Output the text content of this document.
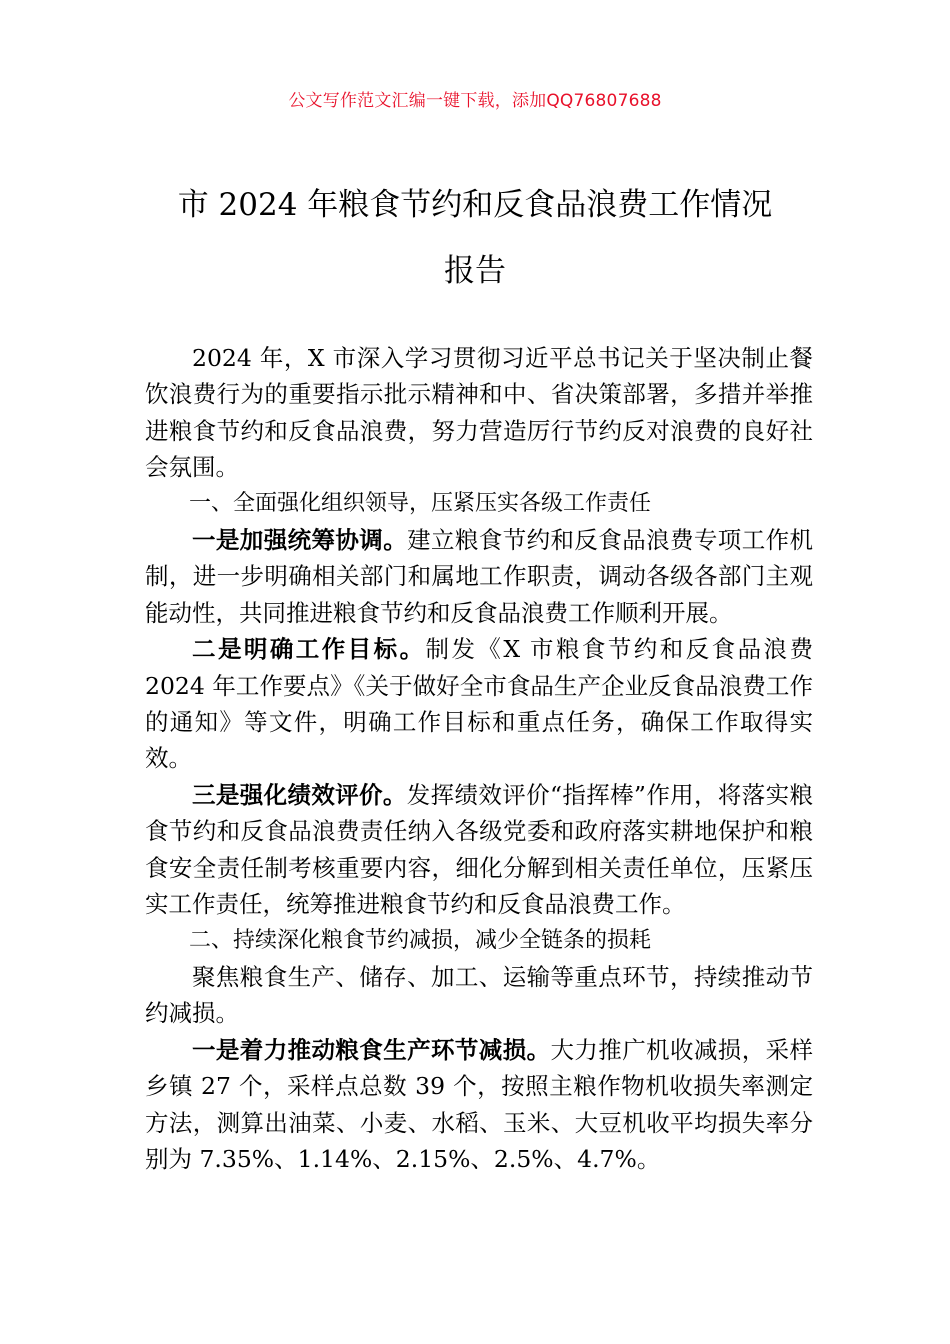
公文写作范文汇编一键下载，添加QQ76807688
市 2024 年粮食节约和反食品浪费工作情况
报告

2024 年，X 市深入学习贯彻习近平总书记关于坚决制止餐饮浪费行为的重要指示批示精神和中、省决策部署，多措并举推进粮食节约和反食品浪费，努力营造厉行节约反对浪费的良好社会氛围。

一、全面强化组织领导，压紧压实各级工作责任

一是加强统筹协调。建立粮食节约和反食品浪费专项工作机制，进一步明确相关部门和属地工作职责，调动各级各部门主观能动性，共同推进粮食节约和反食品浪费工作顺利开展。

二是明确工作目标。制发《X 市粮食节约和反食品浪费 2024 年工作要点》《关于做好全市食品生产企业反食品浪费工作的通知》等文件，明确工作目标和重点任务，确保工作取得实效。

三是强化绩效评价。发挥绩效评价“指挥棒”作用，将落实粮食节约和反食品浪费责任纳入各级党委和政府落实耕地保护和粮食安全责任制考核重要内容，细化分解到相关责任单位，压紧压实工作责任，统筹推进粮食节约和反食品浪费工作。

二、持续深化粮食节约减损，减少全链条的损耗

聚焦粮食生产、储存、加工、运输等重点环节，持续推动节约减损。

一是着力推动粮食生产环节减损。大力推广机收减损，采样乡镇 27 个，采样点总数 39 个，按照主粮作物机收损失率测定方法，测算出油菜、小麦、水稻、玉米、大豆机收平均损失率分别为 7.35%、1.14%、2.15%、2.5%、4.7%。
